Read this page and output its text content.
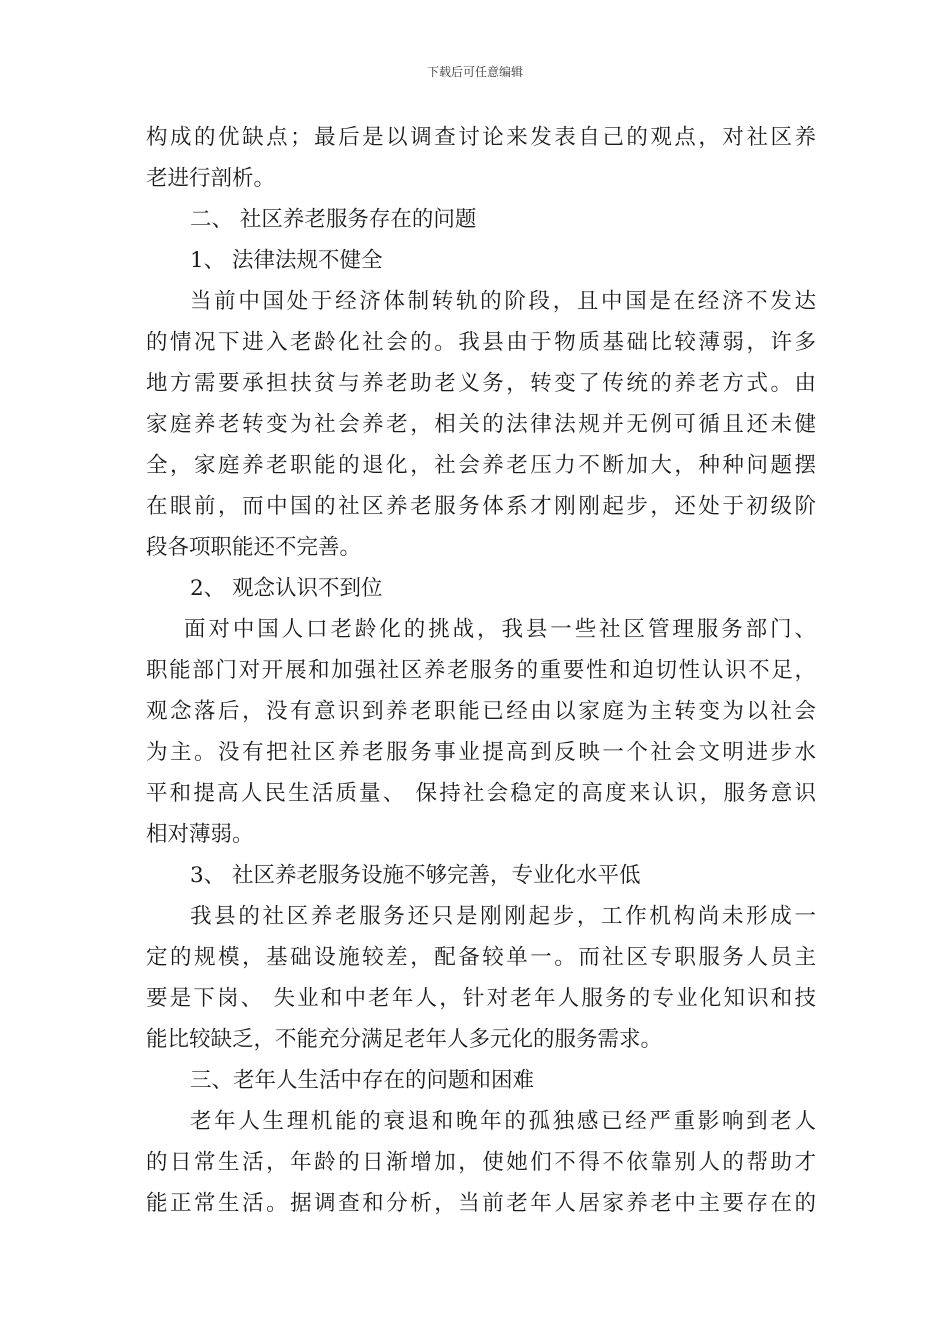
下载后可任意编辑
构成的优缺点；最后是以调查讨论来发表自己的观点，对社区养
老进行剖析。
二、 社区养老服务存在的问题
1、 法律法规不健全
当前中国处于经济体制转轨的阶段，且中国是在经济不发达
的情况下进入老龄化社会的。我县由于物质基础比较薄弱，许多
地方需要承担扶贫与养老助老义务，转变了传统的养老方式。由
家庭养老转变为社会养老，相关的法律法规并无例可循且还未健
全，家庭养老职能的退化，社会养老压力不断加大，种种问题摆
在眼前，而中国的社区养老服务体系才刚刚起步，还处于初级阶
段各项职能还不完善。
2、 观念认识不到位
面对中国人口老龄化的挑战，我县一些社区管理服务部门、
职能部门对开展和加强社区养老服务的重要性和迫切性认识不足，
观念落后，没有意识到养老职能已经由以家庭为主转变为以社会
为主。没有把社区养老服务事业提高到反映一个社会文明进步水
平和提高人民生活质量、 保持社会稳定的高度来认识，服务意识
相对薄弱。
3、 社区养老服务设施不够完善，专业化水平低
我县的社区养老服务还只是刚刚起步，工作机构尚未形成一
定的规模，基础设施较差，配备较单一。而社区专职服务人员主
要是下岗、 失业和中老年人，针对老年人服务的专业化知识和技
能比较缺乏，不能充分满足老年人多元化的服务需求。
三、老年人生活中存在的问题和困难
老年人生理机能的衰退和晚年的孤独感已经严重影响到老人
的日常生活，年龄的日渐增加，使她们不得不依靠别人的帮助才
能正常生活。据调查和分析，当前老年人居家养老中主要存在的
